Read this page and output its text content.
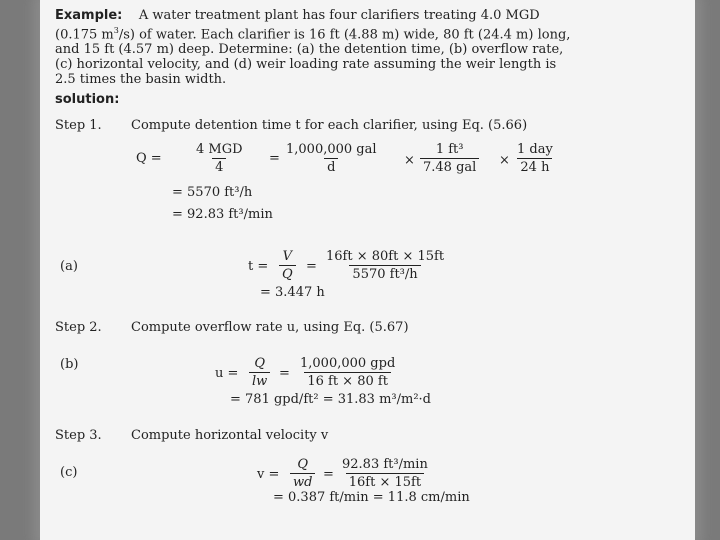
Example: A water treatment plant has four clarifiers treating 4.0 MGD
(0.175 $m^3/s$) of water. Each clarifier is 16 ft (4.88 m) wide, 80 ft (24.4 m) long,
and 15 ft (4.57 m) deep. Determine: (a) the detention time, (b) overflow rate,
(c) horizontal velocity, and (d) weir loading rate assuming the weir length is
2.5 times the basin width.
solution:
Step 1. Compute detention time t for each clarifier, using Eq. (5.66)
Q =
4 MGD
4
=
1,000,000 gal
d	×
1 ft³
7.48 gal ×
1 day
24 h
= 5570 ft³/h
= 92.83 ft³/min
(a)	$t = \frac{V}{Q} = \frac{16ft \times 80ft \times 15ft}{\text{5570 ft³/h}}$
= 3.447 h
Step 2. Compute overflow rate u, using Eq. (5.67)
(b)
$u = \frac{Q}{lw}$ =
1,000,000 gpd
16 ft × 80 ft
= 781 gpd/ft² = 31.83 m³/m²·d
Step 3. Compute horizontal velocity v
(c)	$v = \frac{Q}{wd}$ =
92.83 ft³/min
16ft × 15ft
= 0.387 ft/min = 11.8 cm/min
